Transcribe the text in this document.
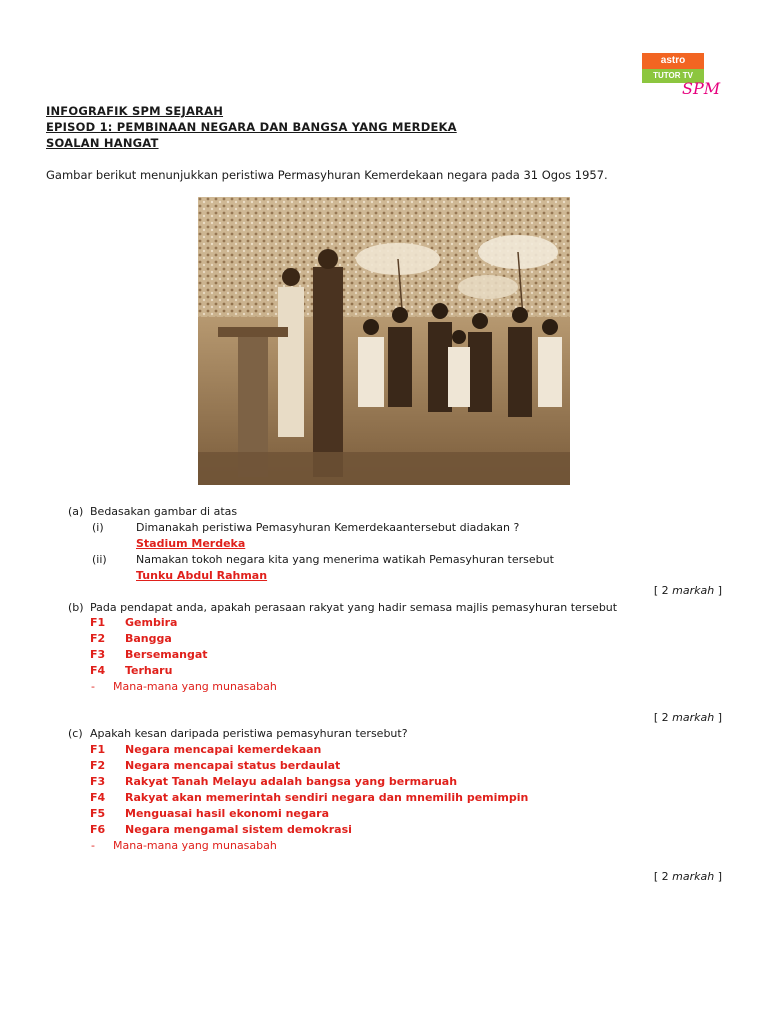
astro
TUTOR TV
SPM
INFOGRAFIK SPM SEJARAH
EPISOD 1: PEMBINAAN NEGARA DAN BANGSA YANG MERDEKA
SOALAN HANGAT
Gambar berikut menunjukkan peristiwa Permasyhuran Kemerdekaan negara pada 31 Ogos 1957.
(a) Bedasakan gambar di atas
(i)	Dimanakah peristiwa Pemasyhuran Kemerdekaantersebut diadakan ?
Stadium Merdeka
(ii)	Namakan tokoh negara kita yang menerima watikah Pemasyhuran tersebut
Tunku Abdul Rahman
[ 2 markah ]
(b) Pada pendapat anda, apakah perasaan rakyat yang hadir semasa majlis pemasyhuran tersebut
F1 Gembira
F2 Bangga
F3 Bersemangat
F4 Terharu
- Mana-mana yang munasabah
[ 2 markah ]
(c) Apakah kesan daripada peristiwa pemasyhuran tersebut?
F1 Negara mencapai kemerdekaan
F2 Negara mencapai status berdaulat
F3 Rakyat Tanah Melayu adalah bangsa yang bermaruah
F4 Rakyat akan memerintah sendiri negara dan mnemilih pemimpin
F5 Menguasai hasil ekonomi negara
F6 Negara mengamal sistem demokrasi
- Mana-mana yang munasabah
[ 2 markah ]
